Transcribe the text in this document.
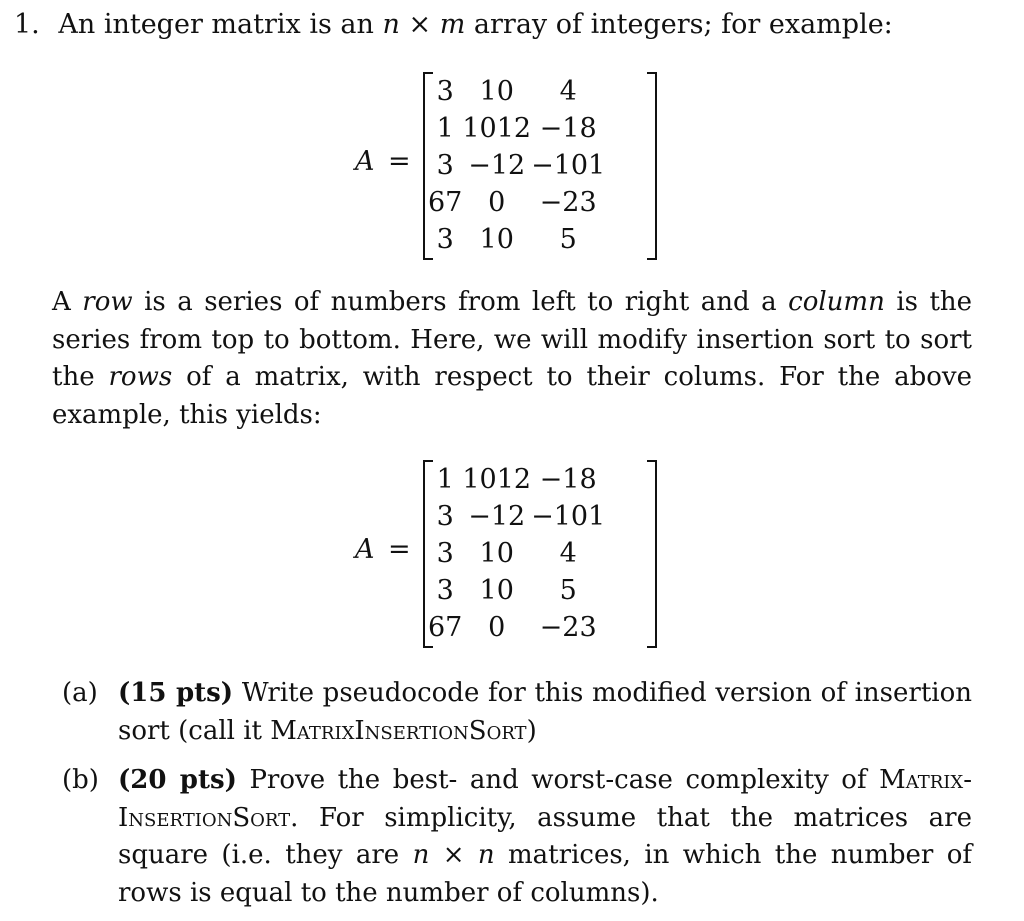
1. An integer matrix is an n × m array of integers; for example:
A =
3	10	4
1	1012	−18
3	−12	−101
67	0	−23
3	10	5
A row is a series of numbers from left to right and a column is the series from top to bottom. Here, we will modify insertion sort to sort the rows of a matrix, with respect to their colums. For the above example, this yields:
A =
1	1012	−18
3	−12	−101
3	10	4
3	10	5
67	0	−23
(a) (15 pts) Write pseudocode for this modified version of insertion sort (call it MatrixInsertionSort)
(b) (20 pts) Prove the best- and worst-case complexity of Matrix-InsertionSort. For simplicity, assume that the matrices are square (i.e. they are n × n matrices, in which the number of rows is equal to the number of columns).
